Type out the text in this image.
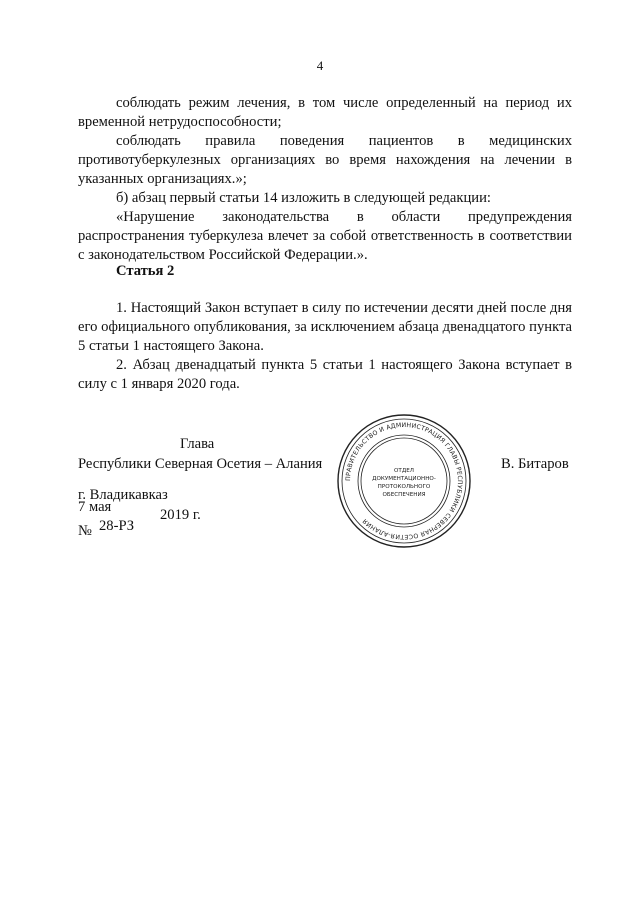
4

соблюдать режим лечения, в том числе определенный на период их временной нетрудоспособности;

соблюдать правила поведения пациентов в медицинских противотуберкулезных организациях во время нахождения на лечении в указанных организациях.»;

б) абзац первый статьи 14 изложить в следующей редакции:

«Нарушение законодательства в области предупреждения распространения туберкулеза влечет за собой ответственность в соответствии с законодательством Российской Федерации.».

Статья 2

1. Настоящий Закон вступает в силу по истечении десяти дней после дня его официального опубликования, за исключением абзаца двенадцатого пункта 5 статьи 1 настоящего Закона.

2. Абзац двенадцатый пункта 5 статьи 1 настоящего Закона вступает в силу с 1 января 2020 года.

Глава
Республики Северная Осетия – Алания	В. Битаров
г. Владикавказ
7 мая	2019 г.
№ 28-РЗ
ПРАВИТЕЛЬСТВО И АДМИНИСТРАЦИЯ ГЛАВЫ РЕСПУБЛИКИ СЕВЕРНАЯ ОСЕТИЯ-АЛАНИЯ
ОТДЕЛ
ДОКУМЕНТАЦИОННО-
ПРОТОКОЛЬНОГО
ОБЕСПЕЧЕНИЯ
